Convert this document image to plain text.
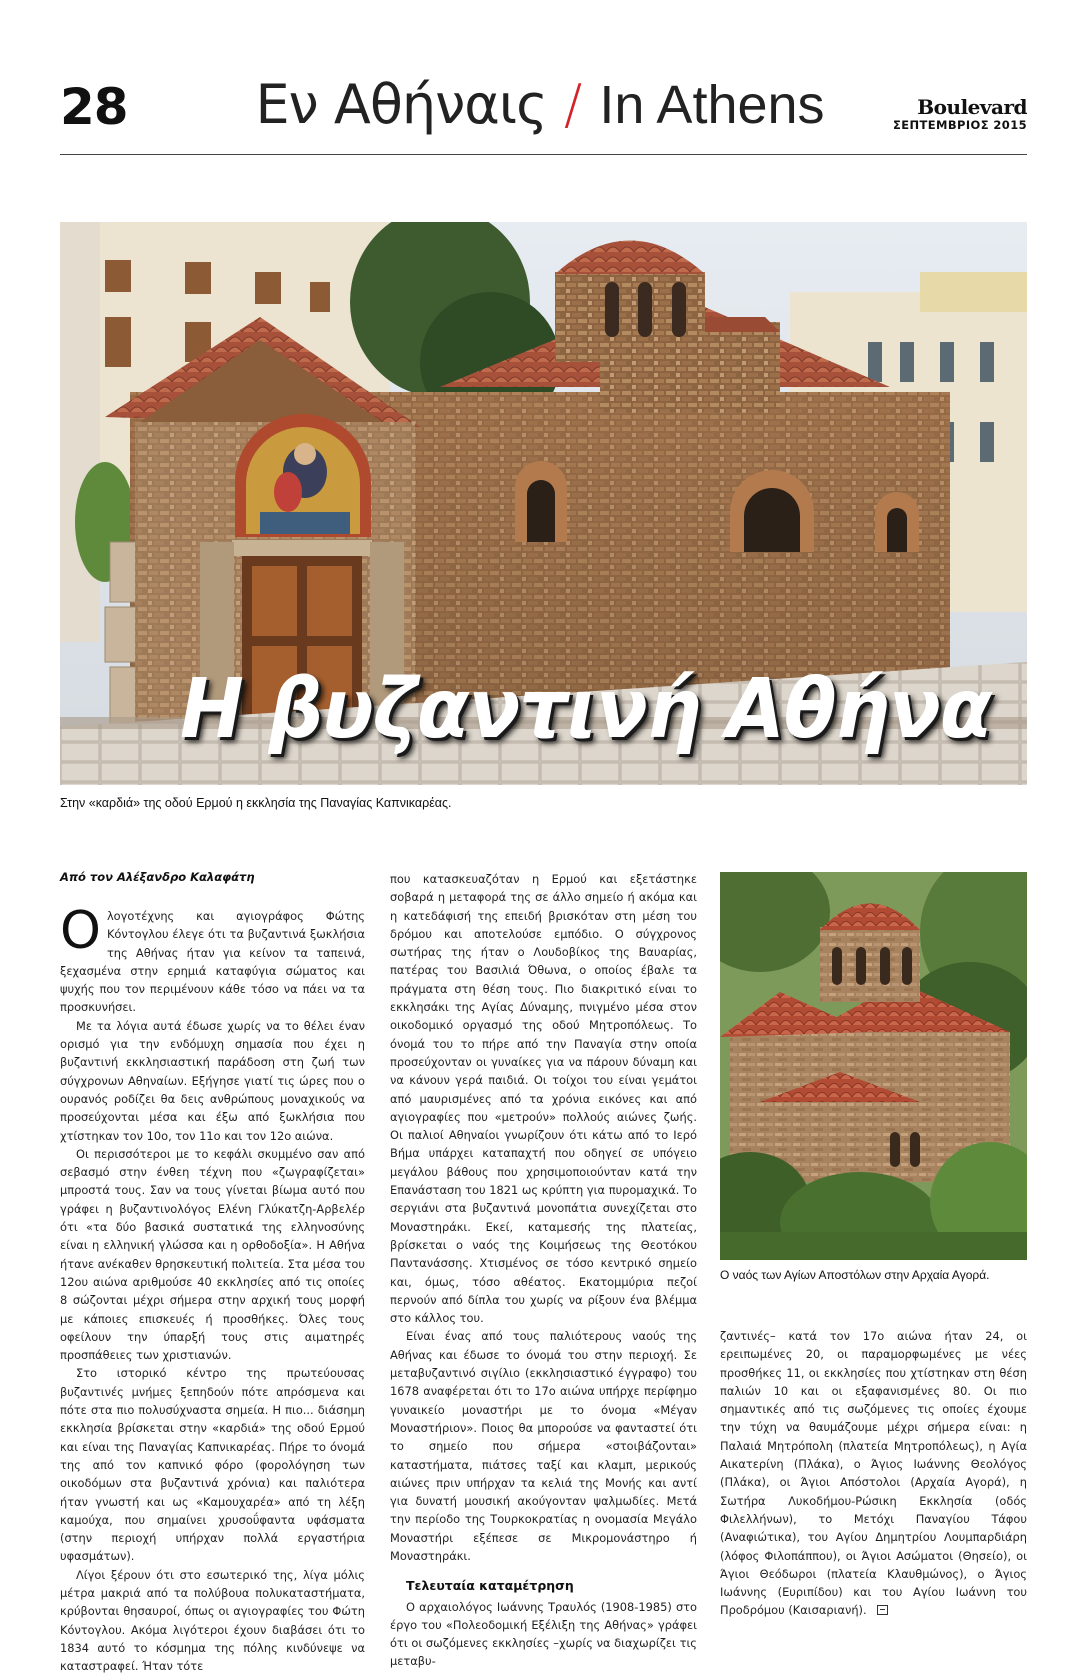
28	Εν Αθήναις / In Athens	Boulevard
ΣΕΠΤΕΜΒΡΙΟΣ 2015
Η βυζαντινή Αθήνα
Στην «καρδιά» της οδού Ερμού η εκκλησία της Παναγίας Καπνικαρέας.
Από τον Αλέξανδρο Καλαφάτη

Ολογοτέχνης και αγιογράφος Φώτης Κόντογλου έλεγε ότι τα βυζαντινά ξωκλήσια της Αθήνας ήταν για κείνον τα ταπεινά, ξεχασμένα στην ερημιά καταφύγια σώματος και ψυχής που τον περιμένουν κάθε τόσο να πάει να τα προσκυνήσει.

Με τα λόγια αυτά έδωσε χωρίς να το θέλει έναν ορισμό για την ενδόμυχη σημασία που έχει η βυζαντινή εκκλησιαστική παράδοση στη ζωή των σύγχρονων Αθηναίων. Εξήγησε γιατί τις ώρες που ο ουρανός ροδίζει θα δεις ανθρώπους μοναχικούς να προσεύχονται μέσα και έξω από ξωκλήσια που χτίστηκαν τον 10ο, τον 11ο και τον 12ο αιώνα.

Οι περισσότεροι με το κεφάλι σκυμμένο σαν από σεβασμό στην ένθεη τέχνη που «ζωγραφίζεται» μπροστά τους. Σαν να τους γίνεται βίωμα αυτό που γράφει η βυζαντινολόγος Ελένη Γλύκατζη-Αρβελέρ ότι «τα δύο βασικά συστατικά της ελληνοσύνης είναι η ελληνική γλώσσα και η ορθοδοξία». Η Αθήνα ήτανε ανέκαθεν θρησκευτική πολιτεία. Στα μέσα του 12ου αιώνα αριθμούσε 40 εκκλησίες από τις οποίες 8 σώζονται μέχρι σήμερα στην αρχική τους μορφή με κάποιες επισκευές ή προσθήκες. Όλες τους οφείλουν την ύπαρξή τους στις αιματηρές προσπάθειες των χριστιανών.

Στο ιστορικό κέντρο της πρωτεύουσας βυζαντινές μνήμες ξεπηδούν πότε απρόσμενα και πότε στα πιο πολυσύχναστα σημεία. Η πιο... διάσημη εκκλησία βρίσκεται στην «καρδιά» της οδού Ερμού και είναι της Παναγίας Καπνικαρέας. Πήρε το όνομά της από τον καπνικό φόρο (φορολόγηση των οικοδόμων στα βυζαντινά χρόνια) και παλιότερα ήταν γνωστή και ως «Καμουχαρέα» από τη λέξη καμούχα, που σημαίνει χρυσοΰφαντα υφάσματα (στην περιοχή υπήρχαν πολλά εργαστήρια υφασμάτων).

Λίγοι ξέρουν ότι στο εσωτερικό της, λίγα μόλις μέτρα μακριά από τα πολύβουα πολυκαταστήματα, κρύβονται θησαυροί, όπως οι αγιογραφίες του Φώτη Κόντογλου. Ακόμα λιγότεροι έχουν διαβάσει ότι το 1834 αυτό το κόσμημα της πόλης κινδύνεψε να καταστραφεί. Ήταν τότε

που κατασκευαζόταν η Ερμού και εξετάστηκε σοβαρά η μεταφορά της σε άλλο σημείο ή ακόμα και η κατεδάφισή της επειδή βρισκόταν στη μέση του δρόμου και αποτελούσε εμπόδιο. Ο σύγχρονος σωτήρας της ήταν ο Λουδοβίκος της Βαυαρίας, πατέρας του Βασιλιά Όθωνα, ο οποίος έβαλε τα πράγματα στη θέση τους. Πιο διακριτικό είναι το εκκλησάκι της Αγίας Δύναμης, πνιγμένο μέσα στον οικοδομικό οργασμό της οδού Μητροπόλεως. Το όνομά του το πήρε από την Παναγία στην οποία προσεύχονταν οι γυναίκες για να πάρουν δύναμη και να κάνουν γερά παιδιά. Οι τοίχοι του είναι γεμάτοι από μαυρισμένες από τα χρόνια εικόνες και από αγιογραφίες που «μετρούν» πολλούς αιώνες ζωής. Οι παλιοί Αθηναίοι γνωρίζουν ότι κάτω από το Ιερό Βήμα υπάρχει καταπαχτή που οδηγεί σε υπόγειο μεγάλου βάθους που χρησιμοποιούνταν κατά την Επανάσταση του 1821 ως κρύπτη για πυρομαχικά. Το σεργιάνι στα βυζαντινά μονοπάτια συνεχίζεται στο Μοναστηράκι. Εκεί, καταμεσής της πλατείας, βρίσκεται ο ναός της Κοιμήσεως της Θεοτόκου Παντανάσσης. Χτισμένος σε τόσο κεντρικό σημείο και, όμως, τόσο αθέατος. Εκατομμύρια πεζοί περνούν από δίπλα του χωρίς να ρίξουν ένα βλέμμα στο κάλλος του.

Είναι ένας από τους παλιότερους ναούς της Αθήνας και έδωσε το όνομά του στην περιοχή. Σε μεταβυζαντινό σιγίλιο (εκκλησιαστικό έγγραφο) του 1678 αναφέρεται ότι το 17ο αιώνα υπήρχε περίφημο γυναικείο μοναστήρι με το όνομα «Μέγαν Μοναστήριον». Ποιος θα μπορούσε να φανταστεί ότι το σημείο που σήμερα «στοιβάζονται» καταστήματα, πιάτσες ταξί και κλαμπ, μερικούς αιώνες πριν υπήρχαν τα κελιά της Μονής και αντί για δυνατή μουσική ακούγονταν ψαλμωδίες. Μετά την περίοδο της Τουρκοκρατίας η ονομασία Μεγάλο Μοναστήρι εξέπεσε σε Μικρομονάστηρο ή Μοναστηράκι.

Τελευταία καταμέτρηση

Ο αρχαιολόγος Ιωάννης Τραυλός (1908-1985) στο έργο του «Πολεοδομική Εξέλιξη της Αθήνας» γράφει ότι οι σωζόμενες εκκλησίες –χωρίς να διαχωρίζει τις μεταβυ-

Ο ναός των Αγίων Αποστόλων στην Αρχαία Αγορά.

ζαντινές– κατά τον 17ο αιώνα ήταν 24, οι ερειπωμένες 20, οι παραμορφωμένες με νέες προσθήκες 11, οι εκκλησίες που χτίστηκαν στη θέση παλιών 10 και οι εξαφανισμένες 80. Οι πιο σημαντικές από τις σωζόμενες τις οποίες έχουμε την τύχη να θαυμάζουμε μέχρι σήμερα είναι: η Παλαιά Μητρόπολη (πλατεία Μητροπόλεως), η Αγία Αικατερίνη (Πλάκα), ο Άγιος Ιωάννης Θεολόγος (Πλάκα), οι Άγιοι Απόστολοι (Αρχαία Αγορά), η Σωτήρα Λυκοδήμου-Ρώσικη Εκκλησία (οδός Φιλελλήνων), το Μετόχι Παναγίου Τάφου (Αναφιώτικα), του Αγίου Δημητρίου Λουμπαρδιάρη (λόφος Φιλοπάππου), οι Άγιοι Ασώματοι (Θησείο), οι Άγιοι Θεόδωροι (πλατεία Κλαυθμώνος), ο Άγιος Ιωάννης (Ευριπίδου) και του Αγίου Ιωάννη του Προδρόμου (Καισαριανή).
